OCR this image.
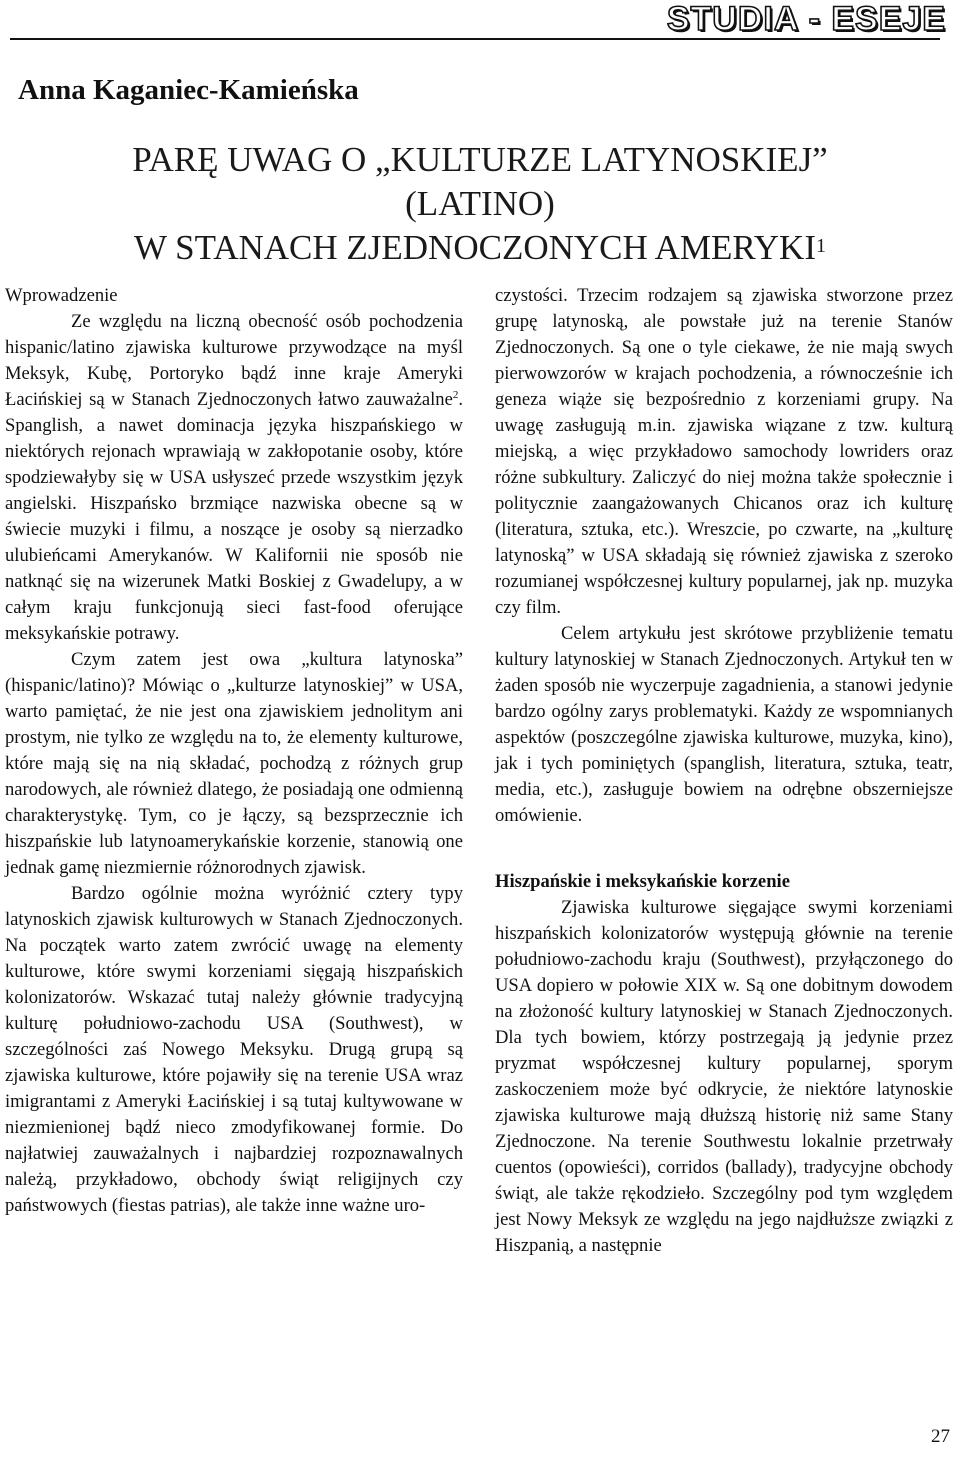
STUDIA - ESEJE
Anna Kaganiec-Kamieńska
PARĘ UWAG O „KULTURZE LATYNOSKIEJ”
(LATINO)
W STANACH ZJEDNOCZONYCH AMERYKI$^1$

Wprowadzenie

Ze względu na liczną obecność osób pochodzenia hispanic/latino zjawiska kulturowe przywodzące na myśl Meksyk, Kubę, Portoryko bądź inne kraje Ameryki Łacińskiej są w Stanach Zjednoczonych łatwo zauważalne$^2$. Spanglish, a nawet dominacja języka hiszpańskiego w niektórych rejonach wprawiają w zakłopotanie osoby, które spodziewałyby się w USA usłyszeć przede wszystkim język angielski. Hiszpańsko brzmiące nazwiska obecne są w świecie muzyki i filmu, a noszące je osoby są nierzadko ulubieńcami Amerykanów. W Kalifornii nie sposób nie natknąć się na wizerunek Matki Boskiej z Gwadelupy, a w całym kraju funkcjonują sieci fast-food oferujące meksykańskie potrawy.

Czym zatem jest owa „kultura latynoska” (hispanic/latino)? Mówiąc o „kulturze latynoskiej” w USA, warto pamiętać, że nie jest ona zjawiskiem jednolitym ani prostym, nie tylko ze względu na to, że elementy kulturowe, które mają się na nią składać, pochodzą z różnych grup narodowych, ale również dlatego, że posiadają one odmienną charakterystykę. Tym, co je łączy, są bezsprzecznie ich hiszpańskie lub latynoamerykańskie korzenie, stanowią one jednak gamę niezmiernie różnorodnych zjawisk.

Bardzo ogólnie można wyróżnić cztery typy latynoskich zjawisk kulturowych w Stanach Zjednoczonych. Na początek warto zatem zwrócić uwagę na elementy kulturowe, które swymi korzeniami sięgają hiszpańskich kolonizatorów. Wskazać tutaj należy głównie tradycyjną kulturę południowo-zachodu USA (Southwest), w szczególności zaś Nowego Meksyku. Drugą grupą są zjawiska kulturowe, które pojawiły się na terenie USA wraz imigrantami z Ameryki Łacińskiej i są tutaj kultywowane w niezmienionej bądź nieco zmodyfikowanej formie. Do najłatwiej zauważalnych i najbardziej rozpoznawalnych należą, przykładowo, obchody świąt religijnych czy państwowych (fiestas patrias), ale także inne ważne uro-

czystości. Trzecim rodzajem są zjawiska stworzone przez grupę latynoską, ale powstałe już na terenie Stanów Zjednoczonych. Są one o tyle ciekawe, że nie mają swych pierwowzorów w krajach pochodzenia, a równocześnie ich geneza wiąże się bezpośrednio z korzeniami grupy. Na uwagę zasługują m.in. zjawiska wiązane z tzw. kulturą miejską, a więc przykładowo samochody lowriders oraz różne subkultury. Zaliczyć do niej można także społecznie i politycznie zaangażowanych Chicanos oraz ich kulturę (literatura, sztuka, etc.). Wreszcie, po czwarte, na „kulturę latynoską” w USA składają się również zjawiska z szeroko rozumianej współczesnej kultury popularnej, jak np. muzyka czy film.

Celem artykułu jest skrótowe przybliżenie tematu kultury latynoskiej w Stanach Zjednoczonych. Artykuł ten w żaden sposób nie wyczerpuje zagadnienia, a stanowi jedynie bardzo ogólny zarys problematyki. Każdy ze wspomnianych aspektów (poszczególne zjawiska kulturowe, muzyka, kino), jak i tych pominiętych (spanglish, literatura, sztuka, teatr, media, etc.), zasługuje bowiem na odrębne obszerniejsze omówienie.

Hiszpańskie i meksykańskie korzenie

Zjawiska kulturowe sięgające swymi korzeniami hiszpańskich kolonizatorów występują głównie na terenie południowo-zachodu kraju (Southwest), przyłączonego do USA dopiero w połowie XIX w. Są one dobitnym dowodem na złożoność kultury latynoskiej w Stanach Zjednoczonych. Dla tych bowiem, którzy postrzegają ją jedynie przez pryzmat współczesnej kultury popularnej, sporym zaskoczeniem może być odkrycie, że niektóre latynoskie zjawiska kulturowe mają dłuższą historię niż same Stany Zjednoczone. Na terenie Southwestu lokalnie przetrwały cuentos (opowieści), corridos (ballady), tradycyjne obchody świąt, ale także rękodzieło. Szczególny pod tym względem jest Nowy Meksyk ze względu na jego najdłuższe związki z Hiszpanią, a następnie

27
